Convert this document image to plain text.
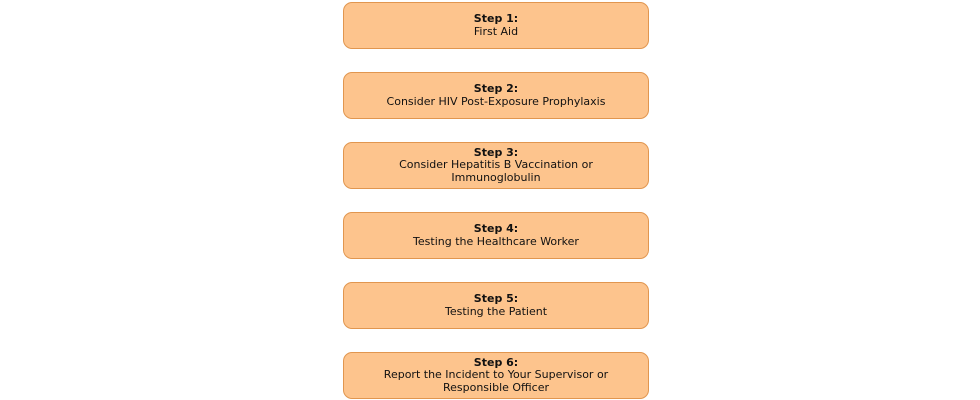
Step 1:
First Aid
Step 2:
Consider HIV Post-Exposure Prophylaxis
Step 3:
Consider Hepatitis B Vaccination or Immunoglobulin
Step 4:
Testing the Healthcare Worker
Step 5:
Testing the Patient
Step 6:
Report the Incident to Your Supervisor or Responsible Officer
